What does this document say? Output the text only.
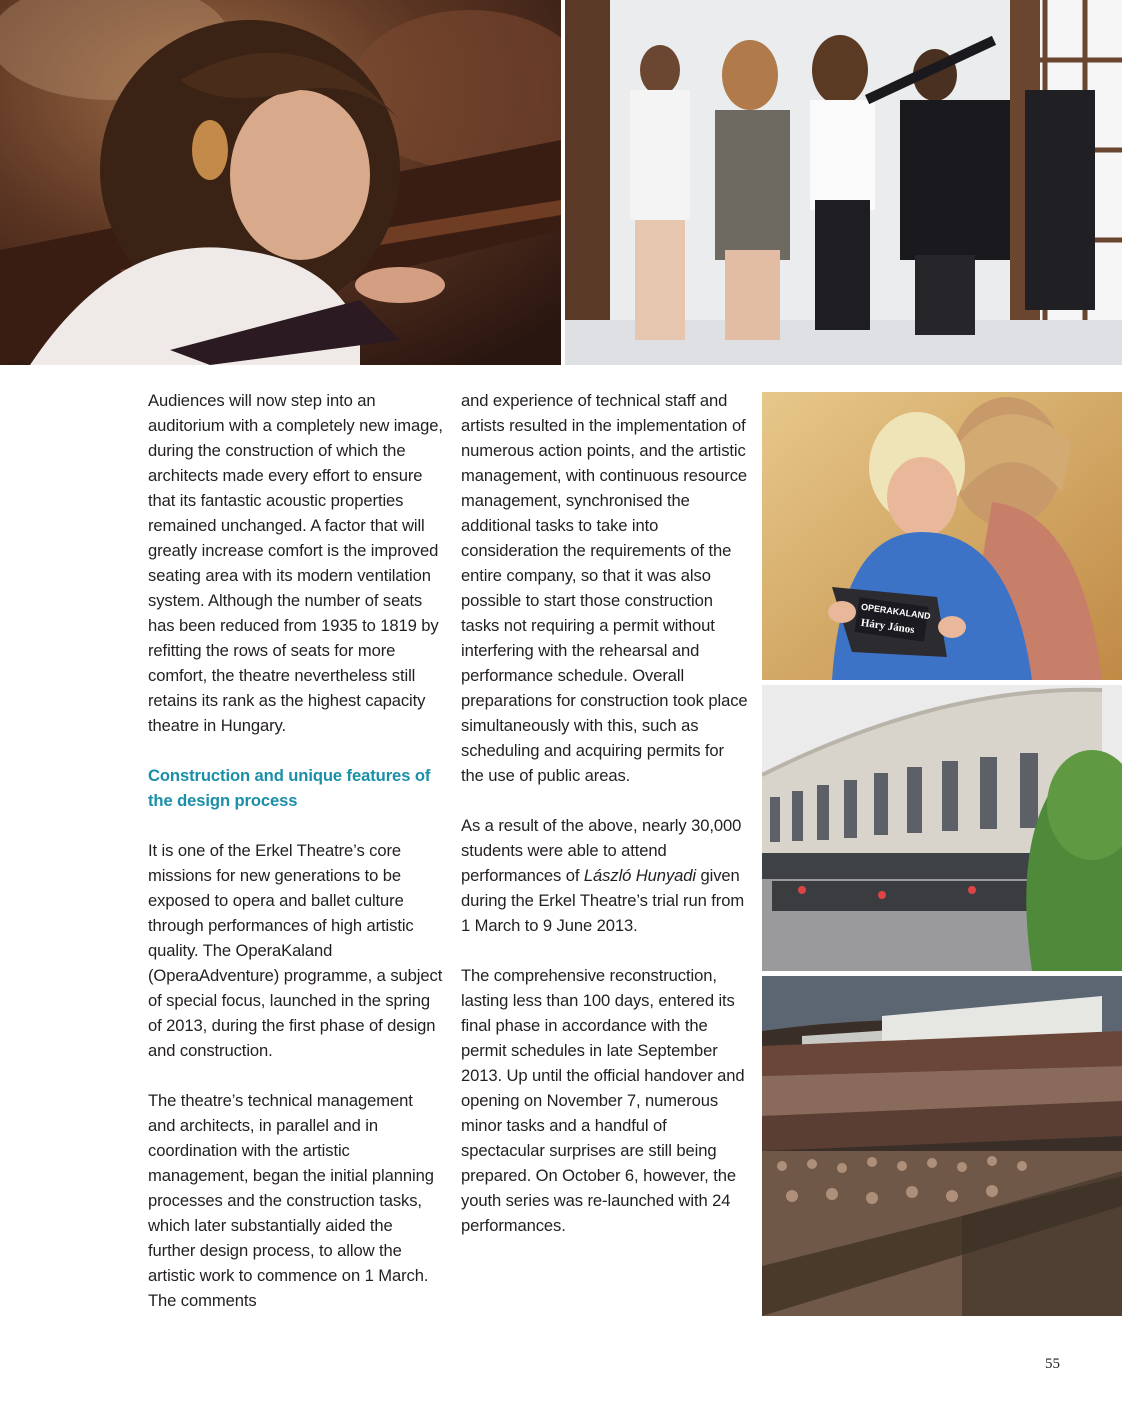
OPERAKALAND
Háry János

Audiences will now step into an auditorium with a completely new image, during the construction of which the architects made every effort to ensure that its fantastic acoustic properties remained unchanged. A factor that will greatly increase comfort is the improved seating area with its modern ventilation system. Although the number of seats has been reduced from 1935 to 1819 by refitting the rows of seats for more comfort, the theatre nevertheless still retains its rank as the highest capacity theatre in Hungary.

Construction and unique features of the design process

It is one of the Erkel Theatre’s core missions for new generations to be exposed to opera and ballet culture through performances of high artistic quality. The OperaKaland (OperaAdventure) programme, a subject of special focus, launched in the spring of 2013, during the first phase of design and construction.

The theatre’s technical management and architects, in parallel and in coordination with the artistic management, began the initial planning processes and the construction tasks, which later substantially aided the further design process, to allow the artistic work to commence on 1 March. The comments

and experience of technical staff and artists resulted in the implementation of numerous action points, and the artistic management, with continuous resource management, synchronised the additional tasks to take into consideration the requirements of the entire company, so that it was also possible to start those construction tasks not requiring a permit without interfering with the rehearsal and performance schedule. Overall preparations for construction took place simultaneously with this, such as scheduling and acquiring permits for the use of public areas.

As a result of the above, nearly 30,000 students were able to attend performances of László Hunyadi given during the Erkel Theatre’s trial run from 1 March to 9 June 2013.

The comprehensive reconstruction, lasting less than 100 days, entered its final phase in accordance with the permit schedules in late September 2013. Up until the official handover and opening on November 7, numerous minor tasks and a handful of spectacular surprises are still being prepared. On October 6, however, the youth series was re-launched with 24 performances.

55
